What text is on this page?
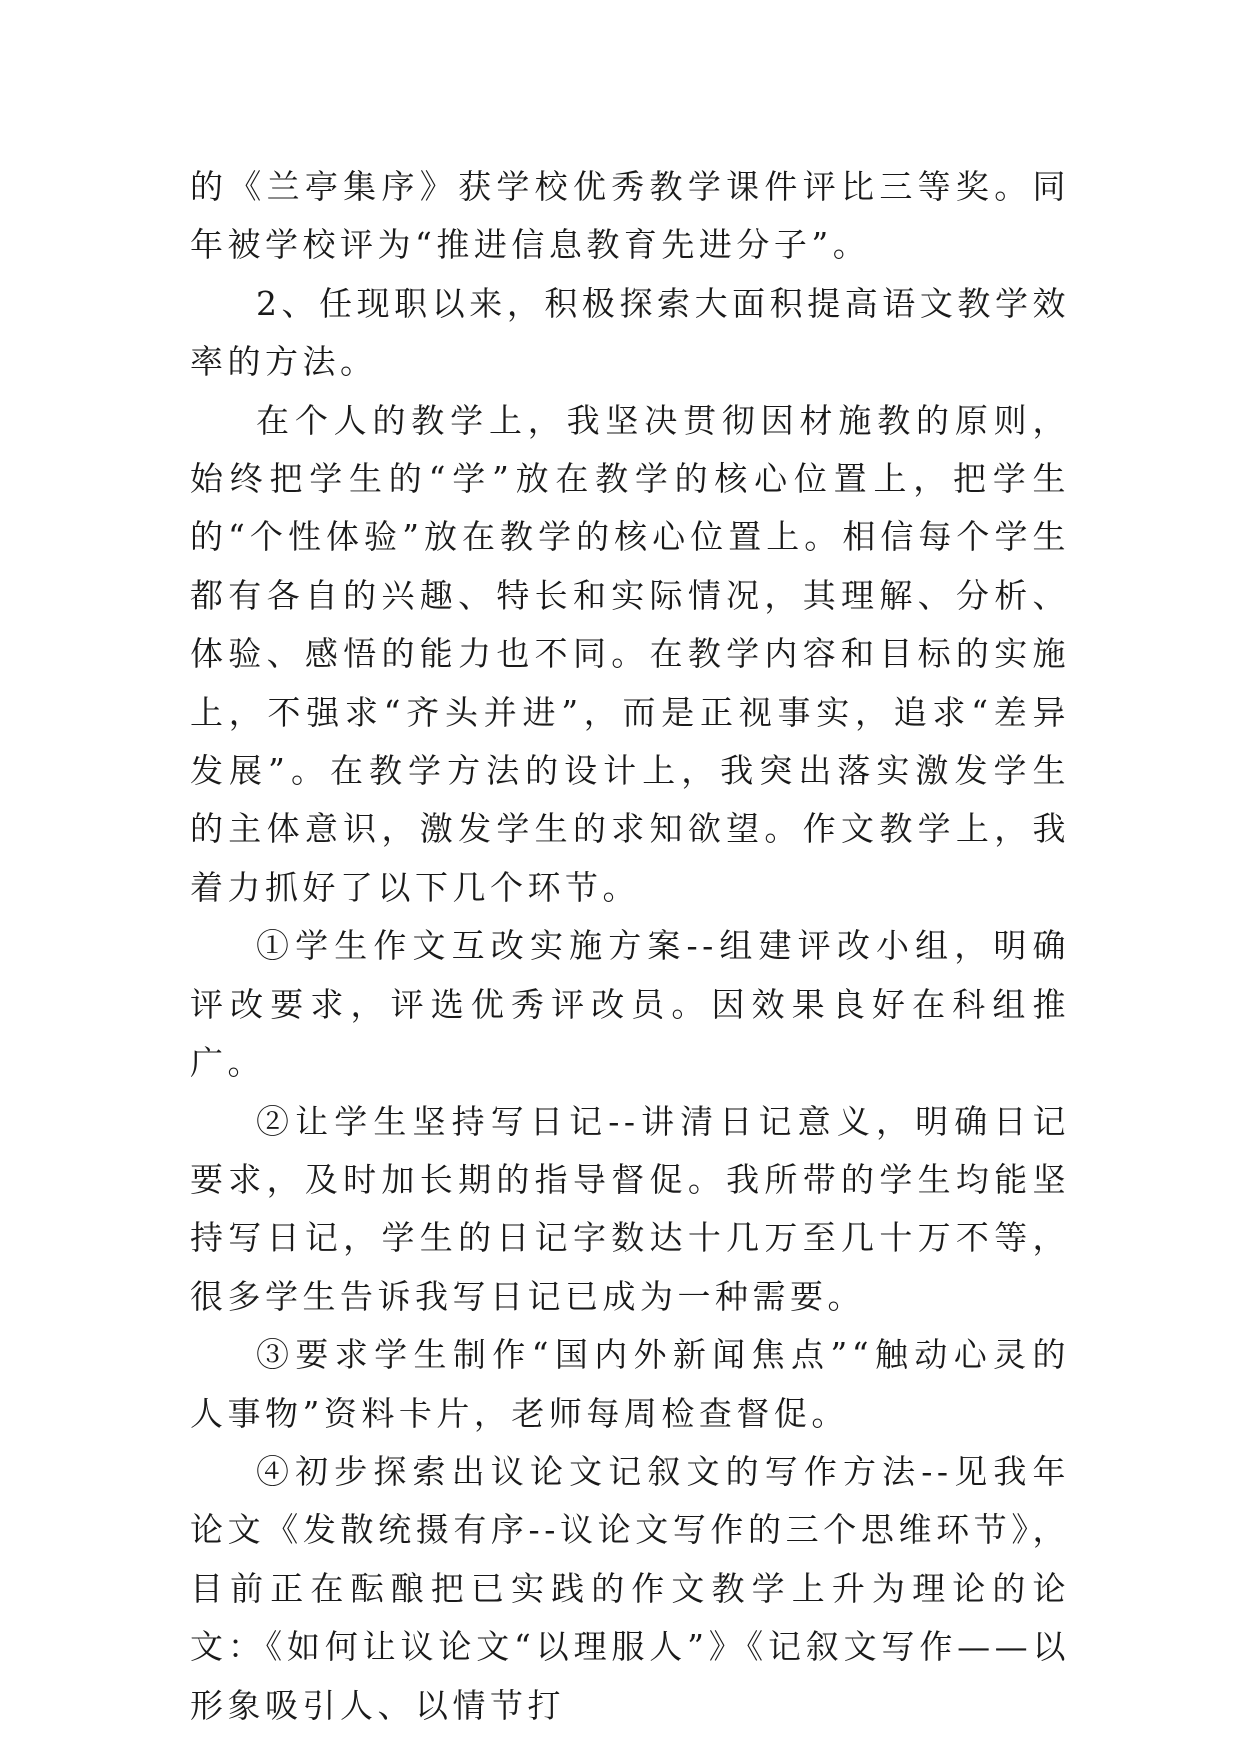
的《兰亭集序》获学校优秀教学课件评比三等奖。同年被学校评为“推进信息教育先进分子”。

2、任现职以来，积极探索大面积提高语文教学效率的方法。

在个人的教学上，我坚决贯彻因材施教的原则，始终把学生的“学”放在教学的核心位置上，把学生的“个性体验”放在教学的核心位置上。相信每个学生都有各自的兴趣、特长和实际情况，其理解、分析、体验、感悟的能力也不同。在教学内容和目标的实施上，不强求“齐头并进”，而是正视事实，追求“差异发展”。在教学方法的设计上，我突出落实激发学生的主体意识，激发学生的求知欲望。作文教学上，我着力抓好了以下几个环节。

①学生作文互改实施方案--组建评改小组，明确评改要求，评选优秀评改员。因效果良好在科组推广。

②让学生坚持写日记--讲清日记意义，明确日记要求，及时加长期的指导督促。我所带的学生均能坚持写日记，学生的日记字数达十几万至几十万不等，很多学生告诉我写日记已成为一种需要。

③要求学生制作“国内外新闻焦点”“触动心灵的人事物”资料卡片，老师每周检查督促。

④初步探索出议论文记叙文的写作方法--见我年论文《发散统摄有序--议论文写作的三个思维环节》，目前正在酝酿把已实践的作文教学上升为理论的论文：《如何让议论文“以理服人”》《记叙文写作——以形象吸引人、以情节打
